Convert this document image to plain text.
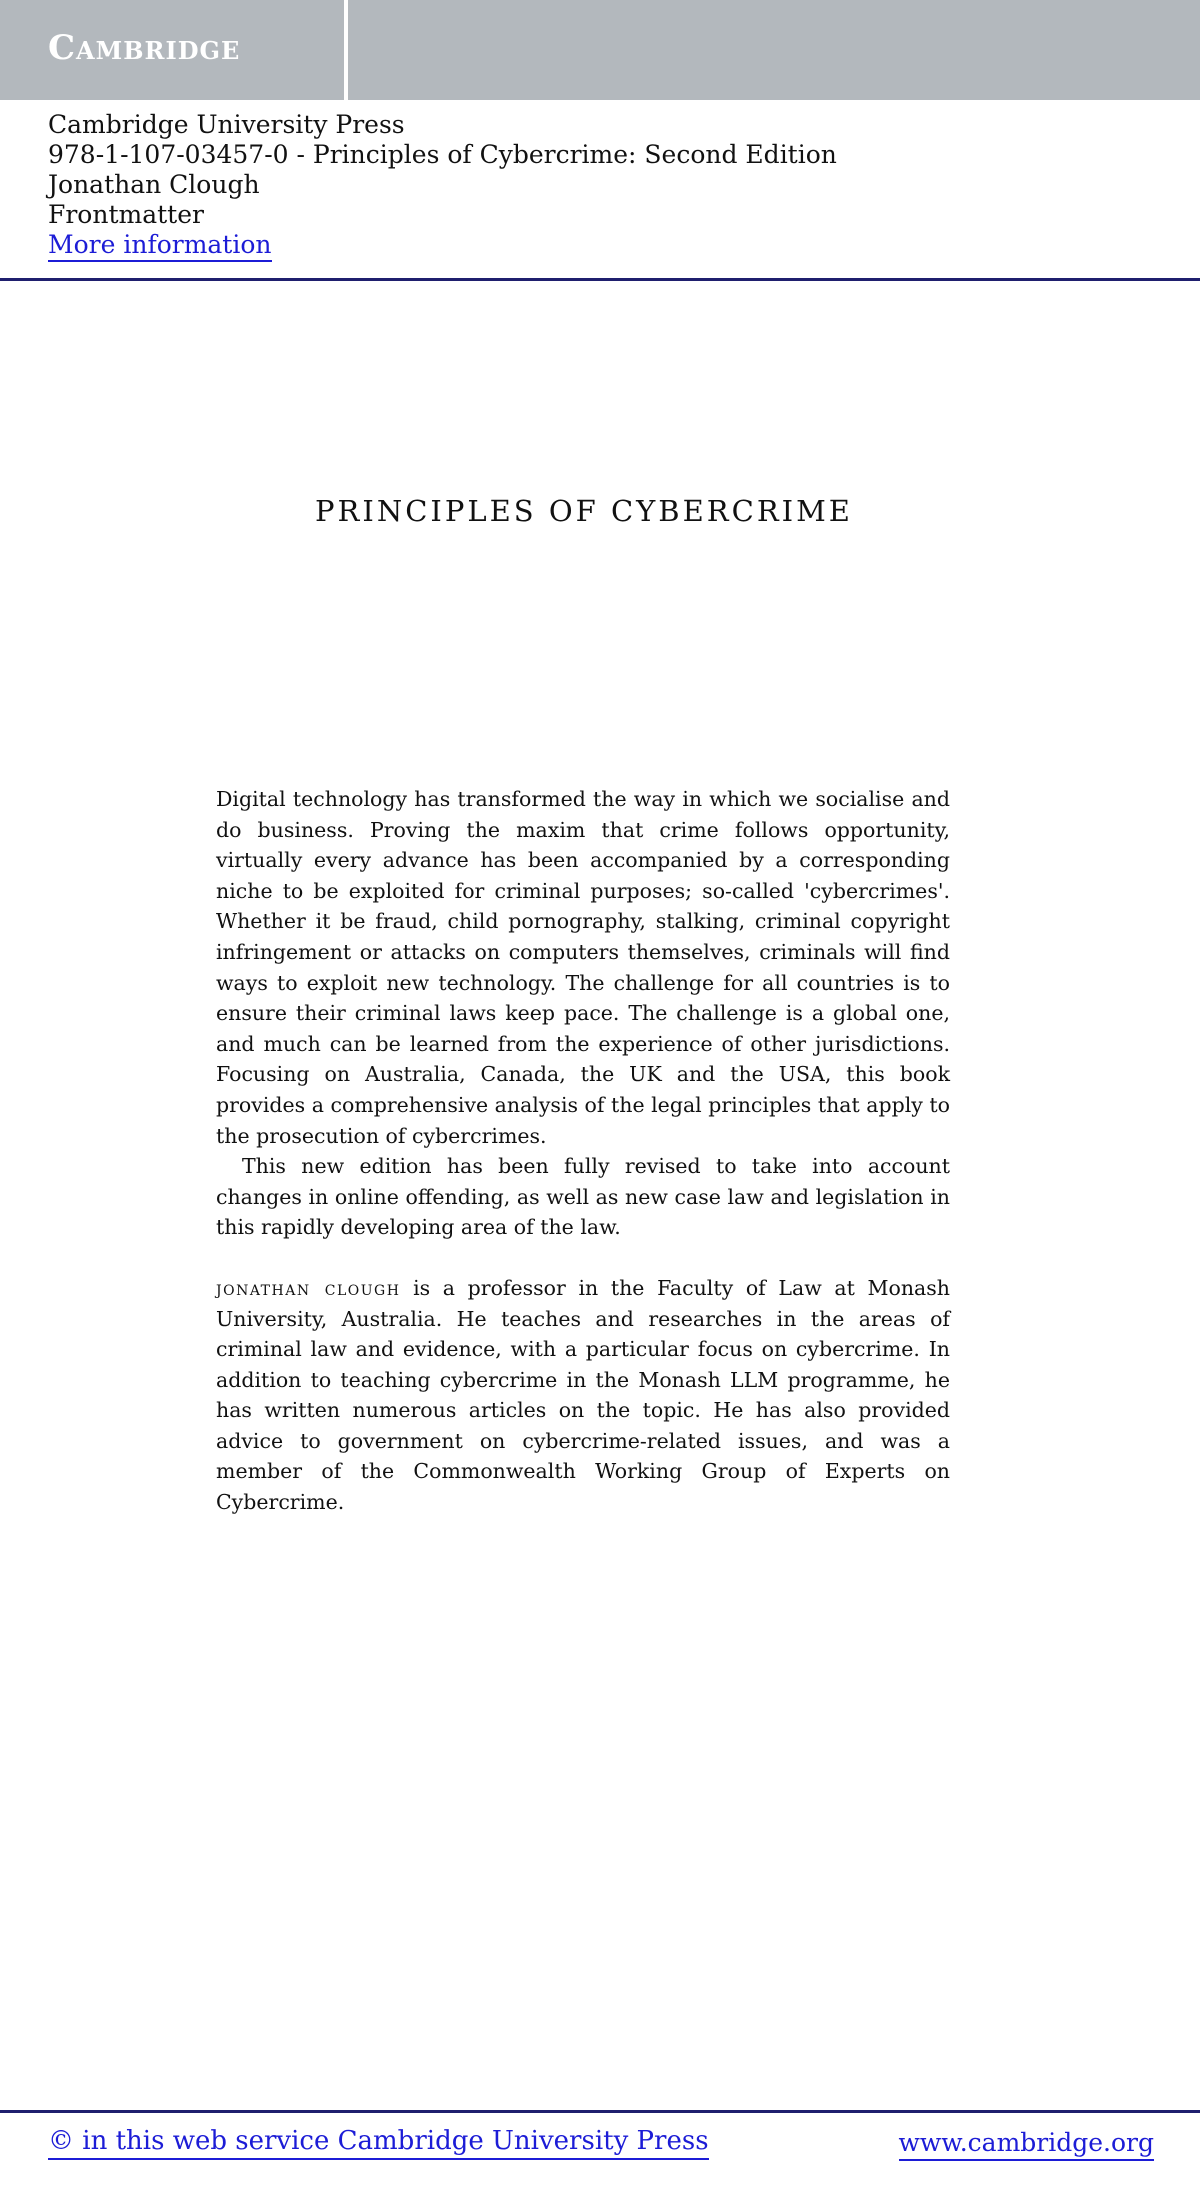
Cambridge
Cambridge University Press
978-1-107-03457-0 - Principles of Cybercrime: Second Edition
Jonathan Clough
Frontmatter
More information
PRINCIPLES OF CYBERCRIME

Digital technology has transformed the way in which we socialise and do business. Proving the maxim that crime follows opportunity, virtually every advance has been accompanied by a corresponding niche to be exploited for criminal purposes; so-called 'cybercrimes'. Whether it be fraud, child pornography, stalking, criminal copyright infringement or attacks on computers themselves, criminals will find ways to exploit new technology. The challenge for all countries is to ensure their criminal laws keep pace. The challenge is a global one, and much can be learned from the experience of other jurisdictions. Focusing on Australia, Canada, the UK and the USA, this book provides a comprehensive analysis of the legal principles that apply to the prosecution of cybercrimes.

This new edition has been fully revised to take into account changes in online offending, as well as new case law and legislation in this rapidly developing area of the law.

jonathan clough is a professor in the Faculty of Law at Monash University, Australia. He teaches and researches in the areas of criminal law and evidence, with a particular focus on cybercrime. In addition to teaching cybercrime in the Monash LLM programme, he has written numerous articles on the topic. He has also provided advice to government on cybercrime-related issues, and was a member of the Commonwealth Working Group of Experts on Cybercrime.

© in this web service Cambridge University Press	www.cambridge.org
